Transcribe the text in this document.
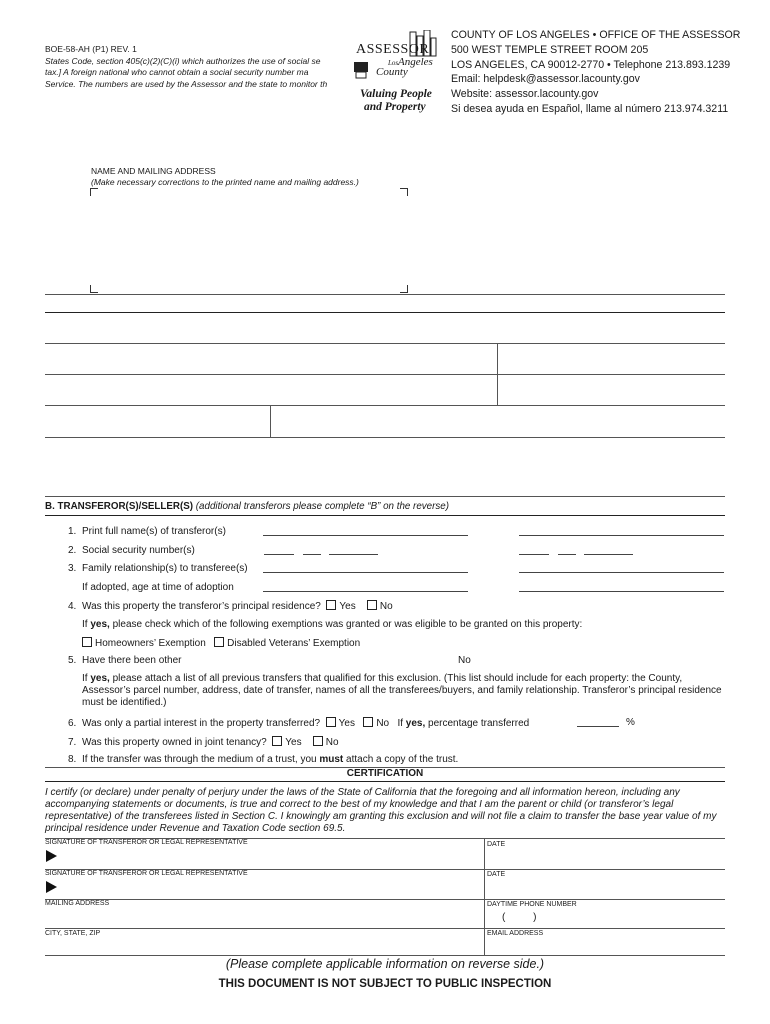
BOE-58-AH (P1) REV. 1
States Code, section 405(c)(2)(C)(i) which authorizes the use of social se
tax.] A foreign national who cannot obtain a social security number ma
Service. The numbers are used by the Assessor and the state to monitor th
ASSESSOR
Los Angeles
County
Valuing People
and Property
COUNTY OF LOS ANGELES • OFFICE OF THE ASSESSOR
500 WEST TEMPLE STREET ROOM 205
LOS ANGELES, CA 90012-2770 • Telephone 213.893.1239
Email: helpdesk@assessor.lacounty.gov
Website: assessor.lacounty.gov
Si desea ayuda en Español, llame al número 213.974.3211
NAME AND MAILING ADDRESS
(Make necessary corrections to the printed name and mailing address.)
B. TRANSFEROR(S)/SELLER(S) (additional transferors please complete “B” on the reverse)
1. Print full name(s) of transferor(s)
2. Social security number(s)
3. Family relationship(s) to transferee(s)
If adopted, age at time of adoption
4. Was this property the transferor’s principal residence? Yes No
If yes, please check which of the following exemptions was granted or was eligible to be granted on this property:
Homeowners’ Exemption Disabled Veterans’ Exemption
5. Have there been other	No
If yes, please attach a list of all previous transfers that qualified for this exclusion. (This list should include for each property: the County, Assessor’s parcel number, address, date of transfer, names of all the transferees/buyers, and family relationship. Transferor’s principal residence must be identified.)
6. Was only a partial interest in the property transferred? Yes No If yes, percentage transferred	%
7. Was this property owned in joint tenancy? Yes No
8. If the transfer was through the medium of a trust, you must attach a copy of the trust.
CERTIFICATION
I certify (or declare) under penalty of perjury under the laws of the State of California that the foregoing and all information hereon, including any accompanying statements or documents, is true and correct to the best of my knowledge and that I am the parent or child (or transferor’s legal representative) of the transferees listed in Section C. I knowingly am granting this exclusion and will not file a claim to transfer the base year value of my principal residence under Revenue and Taxation Code section 69.5.
SIGNATURE OF TRANSFEROR OR LEGAL REPRESENTATIVE	DATE
SIGNATURE OF TRANSFEROR OR LEGAL REPRESENTATIVE	DATE
MAILING ADDRESS	DAYTIME PHONE NUMBER
(          )
CITY, STATE, ZIP	EMAIL ADDRESS
(Please complete applicable information on reverse side.)
THIS DOCUMENT IS NOT SUBJECT TO PUBLIC INSPECTION
